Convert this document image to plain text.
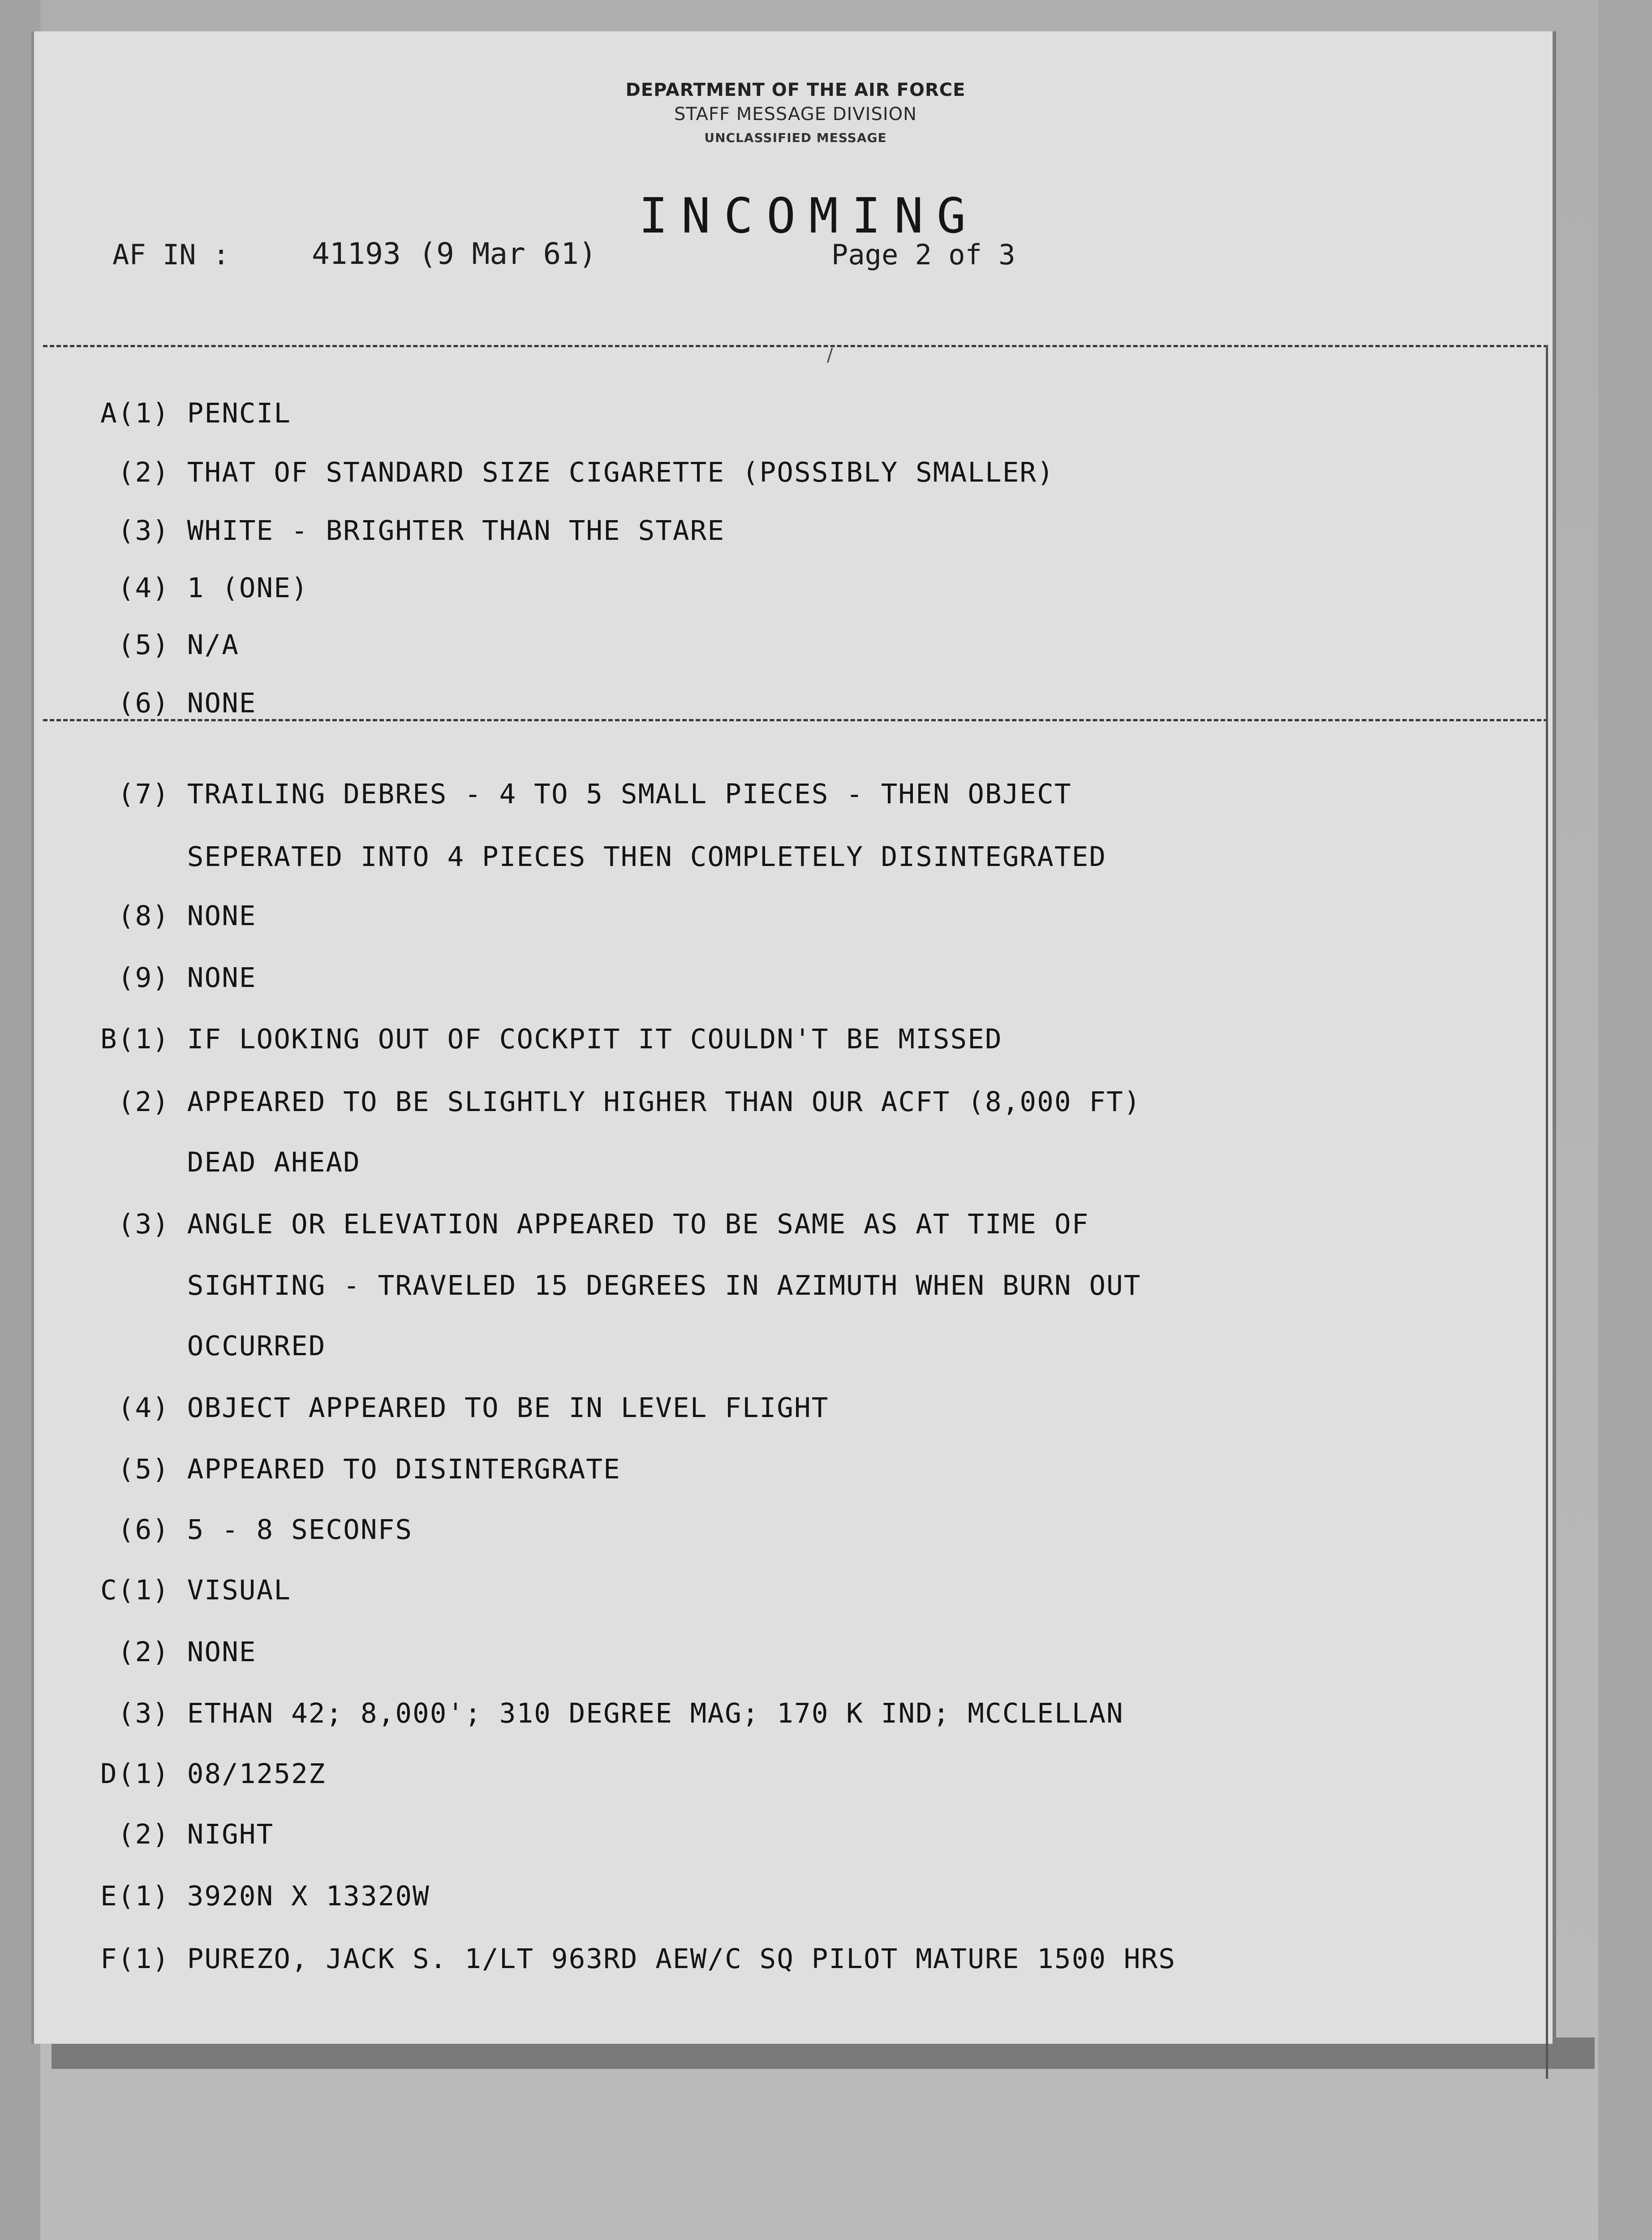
DEPARTMENT OF THE AIR FORCE
STAFF MESSAGE DIVISION
UNCLASSIFIED MESSAGE
INCOMING
AF IN :	41193 (9 Mar 61)	Page 2 of 3
/
A(1) PENCIL
(2) THAT OF STANDARD SIZE CIGARETTE (POSSIBLY SMALLER)
(3) WHITE - BRIGHTER THAN THE STARE
(4) 1 (ONE)
(5) N/A
(6) NONE
(7) TRAILING DEBRES - 4 TO 5 SMALL PIECES - THEN OBJECT
SEPERATED INTO 4 PIECES THEN COMPLETELY DISINTEGRATED
(8) NONE
(9) NONE
B(1) IF LOOKING OUT OF COCKPIT IT COULDN'T BE MISSED
(2) APPEARED TO BE SLIGHTLY HIGHER THAN OUR ACFT (8,000 FT)
DEAD AHEAD
(3) ANGLE OR ELEVATION APPEARED TO BE SAME AS AT TIME OF
SIGHTING - TRAVELED 15 DEGREES IN AZIMUTH WHEN BURN OUT
OCCURRED
(4) OBJECT APPEARED TO BE IN LEVEL FLIGHT
(5) APPEARED TO DISINTERGRATE
(6) 5 - 8 SECONFS
C(1) VISUAL
(2) NONE
(3) ETHAN 42; 8,000'; 310 DEGREE MAG; 170 K IND; MCCLELLAN
D(1) 08/1252Z
(2) NIGHT
E(1) 3920N X 13320W
F(1) PUREZO, JACK S. 1/LT 963RD AEW/C SQ PILOT MATURE 1500 HRS
